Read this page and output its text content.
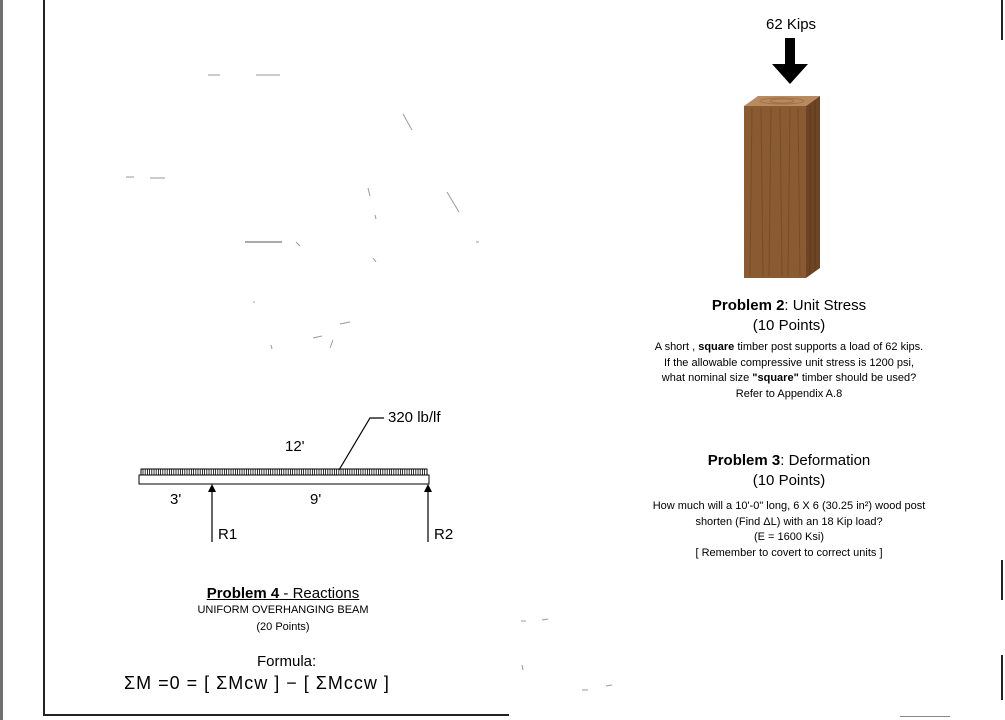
62 Kips
Problem 2: Unit Stress
(10 Points)
A short , square timber post supports a load of 62 kips.
If the allowable compressive unit stress is 1200 psi,
what nominal size "square" timber should be used?
Refer to Appendix A.8
Problem 3: Deformation
(10 Points)
How much will a 10'-0" long, 6 X 6 (30.25 in²) wood post
shorten (Find ΔL) with an 18 Kip load?
(E = 1600 Ksi)
[ Remember to covert to correct units ]
320 lb/lf
12'
3'	9'
R1	R2
Problem 4 - Reactions
UNIFORM OVERHANGING BEAM
(20 Points)
Formula:
ΣM =0 = [ ΣMcw ] − [ ΣMccw ]
